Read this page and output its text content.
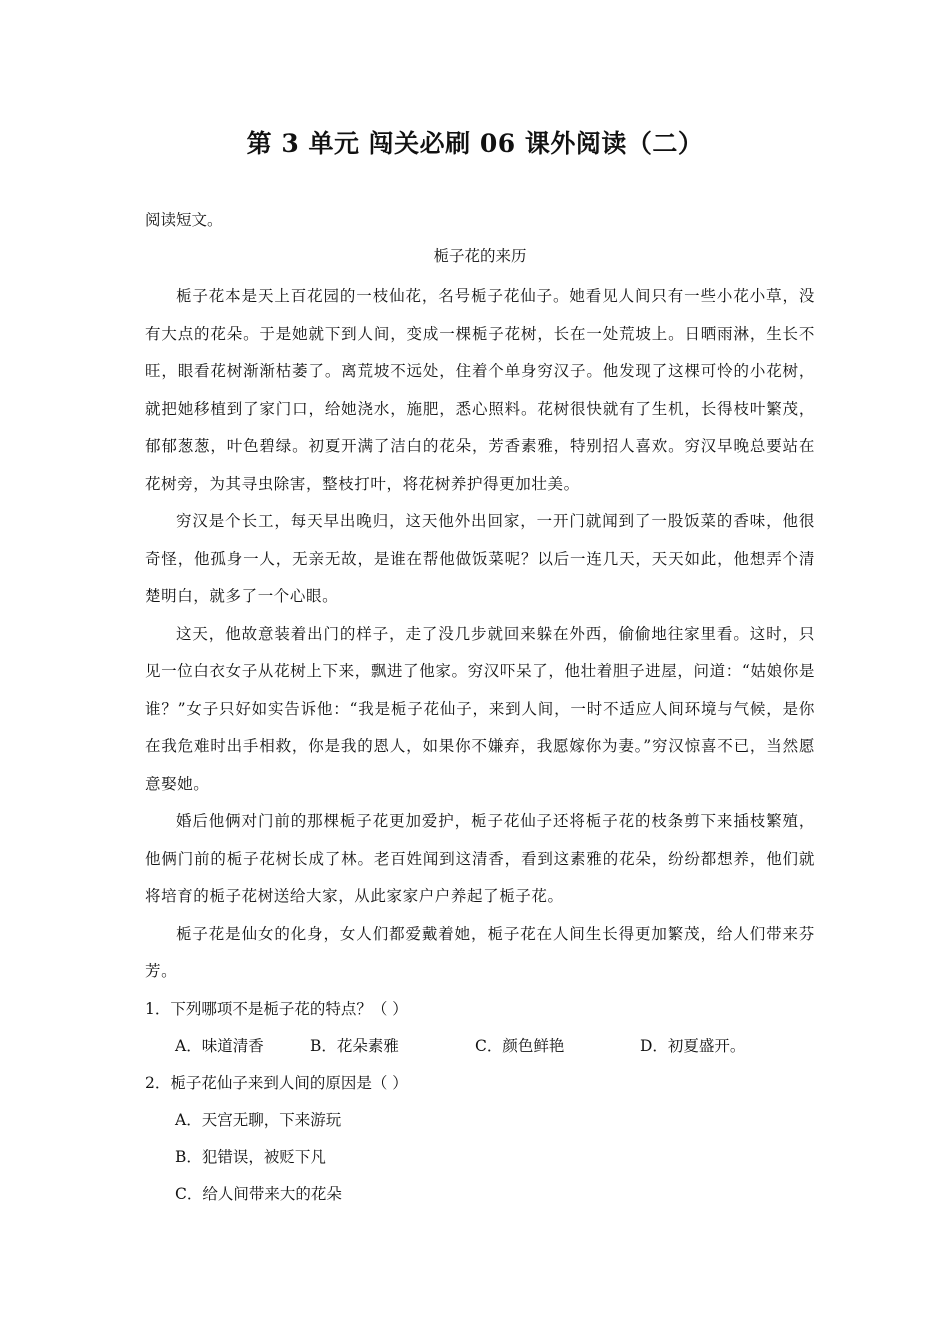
第 3 单元 闯关必刷 06 课外阅读（二）
阅读短文。
栀子花的来历

栀子花本是天上百花园的一枝仙花，名号栀子花仙子。她看见人间只有一些小花小草，没有大点的花朵。于是她就下到人间，变成一棵栀子花树，长在一处荒坡上。日晒雨淋，生长不旺，眼看花树渐渐枯萎了。离荒坡不远处，住着个单身穷汉子。他发现了这棵可怜的小花树，就把她移植到了家门口，给她浇水，施肥，悉心照料。花树很快就有了生机，长得枝叶繁茂，郁郁葱葱，叶色碧绿。初夏开满了洁白的花朵，芳香素雅，特别招人喜欢。穷汉早晚总要站在花树旁，为其寻虫除害，整枝打叶，将花树养护得更加壮美。

穷汉是个长工，每天早出晚归，这天他外出回家，一开门就闻到了一股饭菜的香味，他很奇怪，他孤身一人，无亲无故，是谁在帮他做饭菜呢？以后一连几天，天天如此，他想弄个清楚明白，就多了一个心眼。

这天，他故意装着出门的样子，走了没几步就回来躲在外西，偷偷地往家里看。这时，只见一位白衣女子从花树上下来，飘进了他家。穷汉吓呆了，他壮着胆子进屋，问道：“姑娘你是谁？”女子只好如实告诉他：“我是栀子花仙子，来到人间，一时不适应人间环境与气候，是你在我危难时出手相救，你是我的恩人，如果你不嫌弃，我愿嫁你为妻。”穷汉惊喜不已，当然愿意娶她。

婚后他俩对门前的那棵栀子花更加爱护，栀子花仙子还将栀子花的枝条剪下来插枝繁殖，他俩门前的栀子花树长成了林。老百姓闻到这清香，看到这素雅的花朵，纷纷都想养，他们就将培育的栀子花树送给大家，从此家家户户养起了栀子花。

栀子花是仙女的化身，女人们都爱戴着她，栀子花在人间生长得更加繁茂，给人们带来芬芳。

1．下列哪项不是栀子花的特点？（ ）
A．味道清香	B．花朵素雅	C．颜色鲜艳	D．初夏盛开。
2．栀子花仙子来到人间的原因是（ ）
A．天宫无聊，下来游玩
B．犯错误，被贬下凡
C．给人间带来大的花朵
